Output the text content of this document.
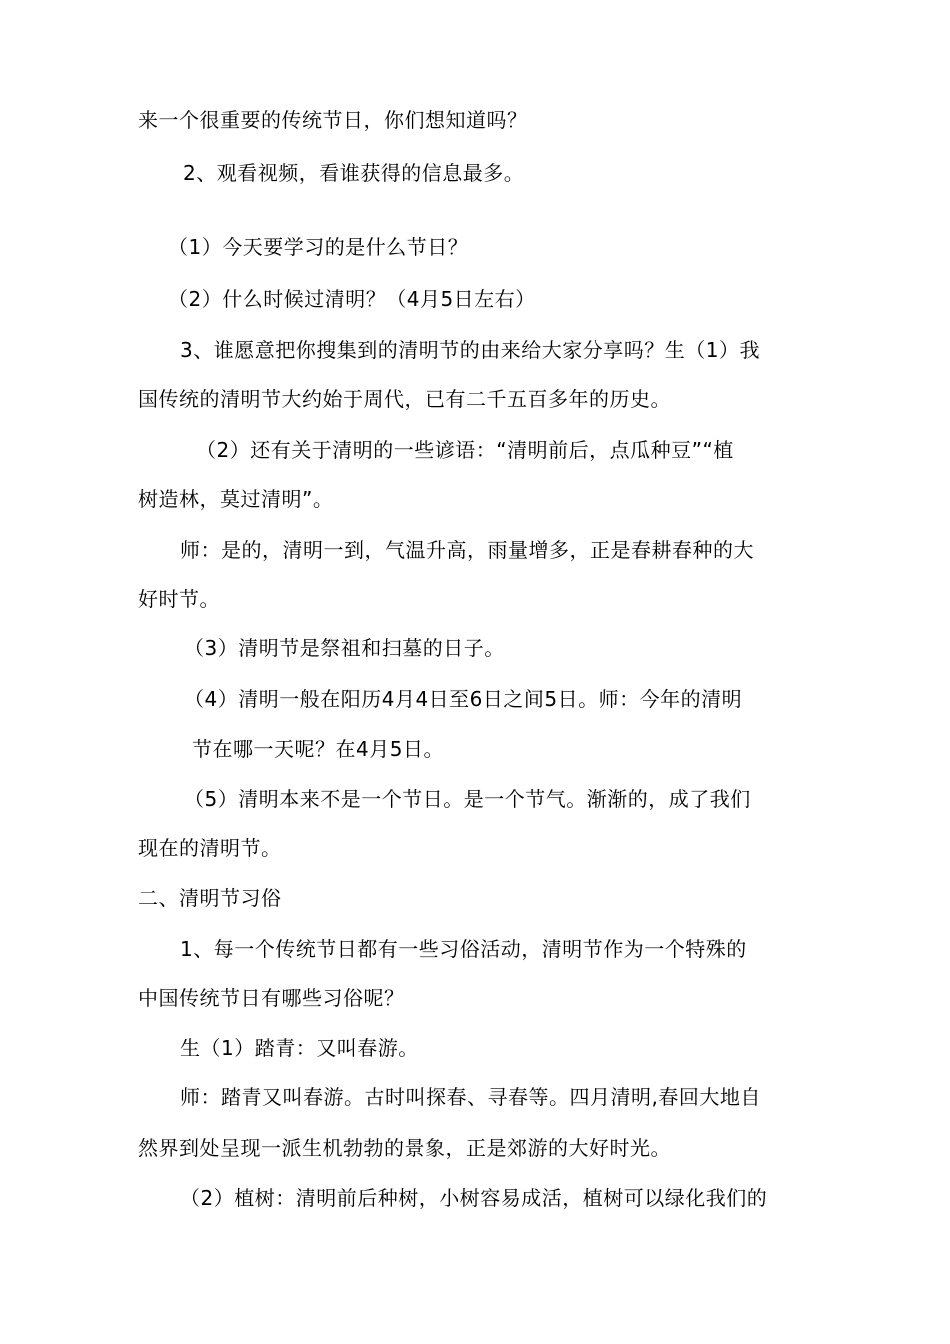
来一个很重要的传统节日，你们想知道吗？
2、观看视频，看谁获得的信息最多。
（1）今天要学习的是什么节日？
（2）什么时候过清明？（4月5日左右）
3、谁愿意把你搜集到的清明节的由来给大家分享吗？生（1）我
国传统的清明节大约始于周代，已有二千五百多年的历史。
（2）还有关于清明的一些谚语：“清明前后，点瓜种豆”“植
树造林，莫过清明”。
师：是的，清明一到，气温升高，雨量增多，正是春耕春种的大
好时节。
（3）清明节是祭祖和扫墓的日子。
（4）清明一般在阳历4月4日至6日之间5日。师：今年的清明
节在哪一天呢？在4月5日。
（5）清明本来不是一个节日。是一个节气。渐渐的，成了我们
现在的清明节。
二、清明节习俗
1、每一个传统节日都有一些习俗活动，清明节作为一个特殊的
中国传统节日有哪些习俗呢？
生（1）踏青：又叫春游。
师：踏青又叫春游。古时叫探春、寻春等。四月清明,春回大地自
然界到处呈现一派生机勃勃的景象，正是郊游的大好时光。
（2）植树：清明前后种树，小树容易成活，植树可以绿化我们的
